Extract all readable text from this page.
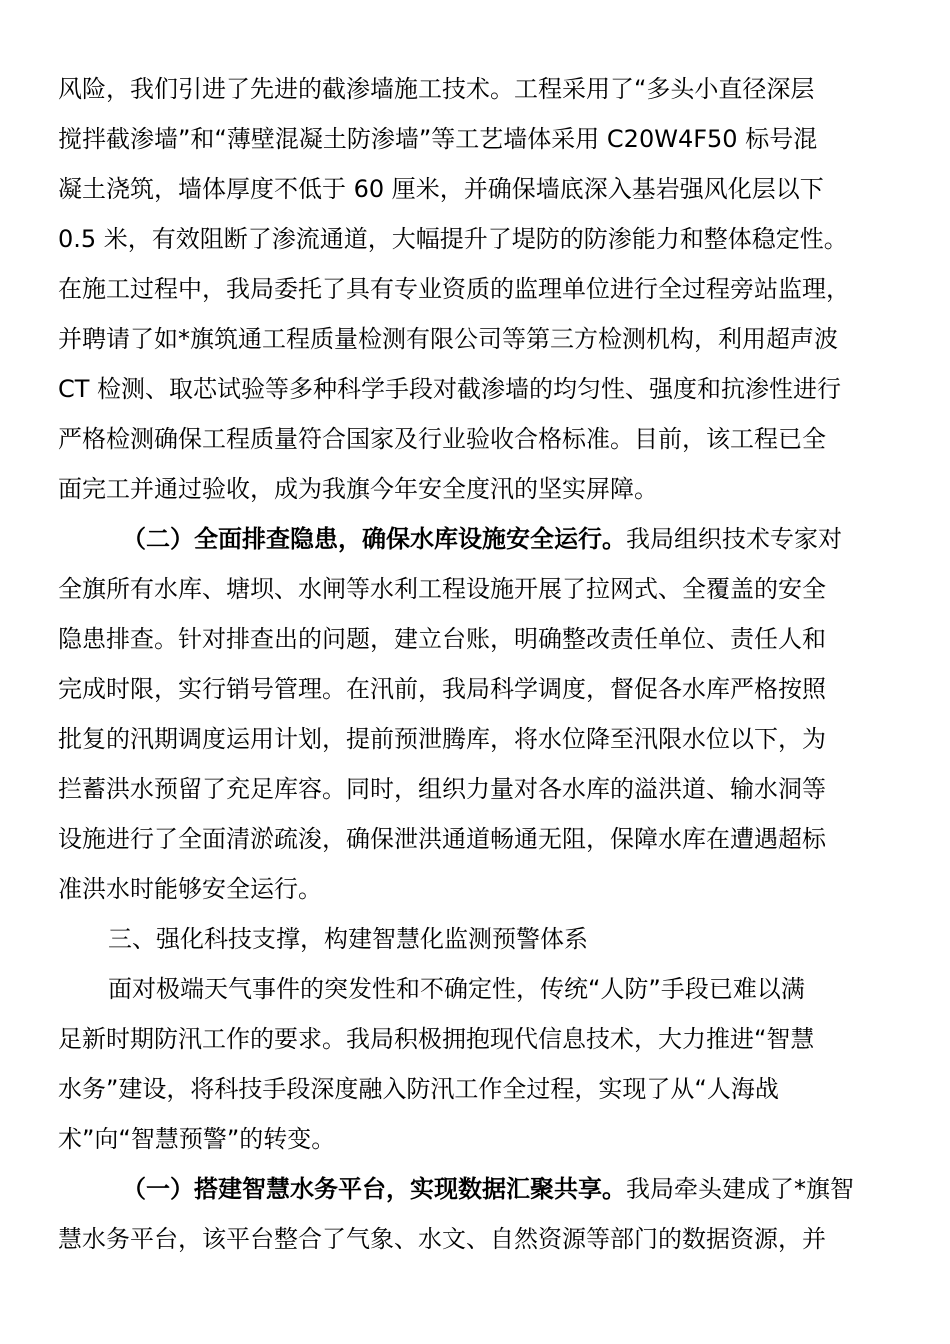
风险，我们引进了先进的截渗墙施工技术。工程采用了“多头小直径深层
搅拌截渗墙”和“薄壁混凝土防渗墙”等工艺墙体采用 C20W4F50 标号混
凝土浇筑，墙体厚度不低于 60 厘米，并确保墙底深入基岩强风化层以下
0.5 米，有效阻断了渗流通道，大幅提升了堤防的防渗能力和整体稳定性。
在施工过程中，我局委托了具有专业资质的监理单位进行全过程旁站监理，
并聘请了如*旗筑通工程质量检测有限公司等第三方检测机构，利用超声波
CT 检测、取芯试验等多种科学手段对截渗墙的均匀性、强度和抗渗性进行
严格检测确保工程质量符合国家及行业验收合格标准。目前，该工程已全
面完工并通过验收，成为我旗今年安全度汛的坚实屏障。
（二）全面排查隐患，确保水库设施安全运行。我局组织技术专家对
全旗所有水库、塘坝、水闸等水利工程设施开展了拉网式、全覆盖的安全
隐患排查。针对排查出的问题，建立台账，明确整改责任单位、责任人和
完成时限，实行销号管理。在汛前，我局科学调度，督促各水库严格按照
批复的汛期调度运用计划，提前预泄腾库，将水位降至汛限水位以下，为
拦蓄洪水预留了充足库容。同时，组织力量对各水库的溢洪道、输水洞等
设施进行了全面清淤疏浚，确保泄洪通道畅通无阻，保障水库在遭遇超标
准洪水时能够安全运行。
三、强化科技支撑，构建智慧化监测预警体系
面对极端天气事件的突发性和不确定性，传统“人防”手段已难以满
足新时期防汛工作的要求。我局积极拥抱现代信息技术，大力推进“智慧
水务”建设，将科技手段深度融入防汛工作全过程，实现了从“人海战
术”向“智慧预警”的转变。
（一）搭建智慧水务平台，实现数据汇聚共享。我局牵头建成了*旗智
慧水务平台，该平台整合了气象、水文、自然资源等部门的数据资源，并
